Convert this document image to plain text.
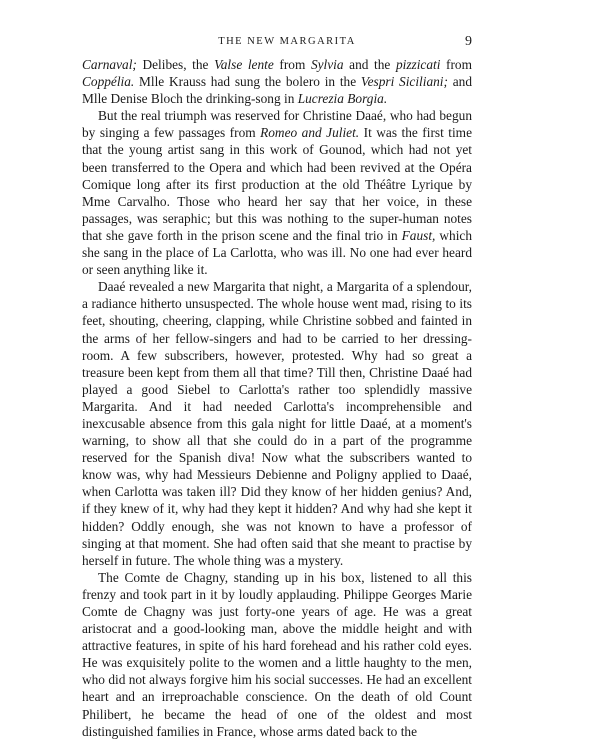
THE NEW MARGARITA	9

Carnaval; Delibes, the Valse lente from Sylvia and the pizzicati from Coppélia. Mlle Krauss had sung the bolero in the Vespri Siciliani; and Mlle Denise Bloch the drinking-song in Lucrezia Borgia.

But the real triumph was reserved for Christine Daaé, who had begun by singing a few passages from Romeo and Juliet. It was the first time that the young artist sang in this work of Gounod, which had not yet been transferred to the Opera and which had been revived at the Opéra Comique long after its first production at the old Théâtre Lyrique by Mme Carvalho. Those who heard her say that her voice, in these passages, was seraphic; but this was nothing to the super-human notes that she gave forth in the prison scene and the final trio in Faust, which she sang in the place of La Carlotta, who was ill. No one had ever heard or seen anything like it.

Daaé revealed a new Margarita that night, a Margarita of a splendour, a radiance hitherto unsuspected. The whole house went mad, rising to its feet, shouting, cheering, clapping, while Christine sobbed and fainted in the arms of her fellow-singers and had to be carried to her dressing-room. A few subscribers, however, protested. Why had so great a treasure been kept from them all that time? Till then, Christine Daaé had played a good Siebel to Carlotta's rather too splendidly massive Margarita. And it had needed Carlotta's incomprehensible and inexcusable absence from this gala night for little Daaé, at a moment's warning, to show all that she could do in a part of the programme reserved for the Spanish diva! Now what the subscribers wanted to know was, why had Messieurs Debienne and Poligny applied to Daaé, when Carlotta was taken ill? Did they know of her hidden genius? And, if they knew of it, why had they kept it hidden? And why had she kept it hidden? Oddly enough, she was not known to have a professor of singing at that moment. She had often said that she meant to practise by herself in future. The whole thing was a mystery.

The Comte de Chagny, standing up in his box, listened to all this frenzy and took part in it by loudly applauding. Philippe Georges Marie Comte de Chagny was just forty-one years of age. He was a great aristocrat and a good-looking man, above the middle height and with attractive features, in spite of his hard forehead and his rather cold eyes. He was exquisitely polite to the women and a little haughty to the men, who did not always forgive him his social successes. He had an excellent heart and an irreproachable conscience. On the death of old Count Philibert, he became the head of one of the oldest and most distinguished families in France, whose arms dated back to the
